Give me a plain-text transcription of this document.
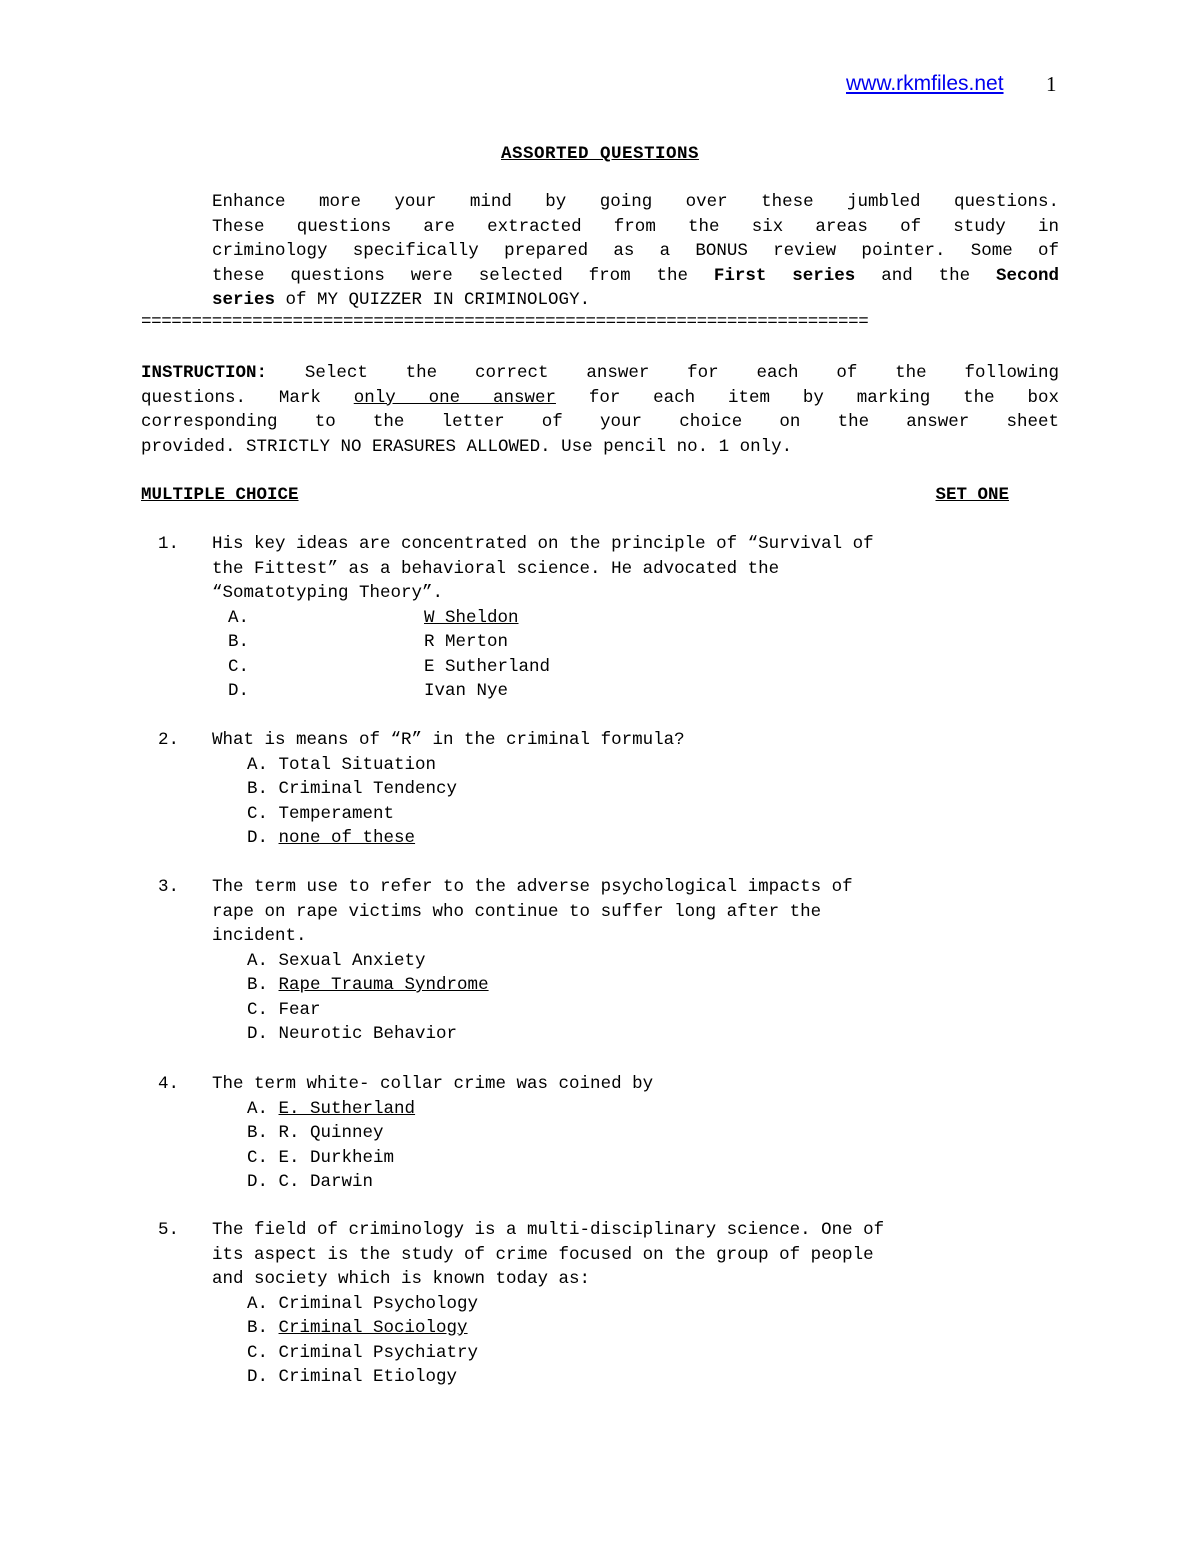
www.rkmfiles.net 1
ASSORTED QUESTIONS
Enhance more your mind by going over these jumbled questions.
These questions are extracted from the six areas of study in
criminology specifically prepared as a BONUS review pointer. Some of
these questions were selected from the First series and the Second
series of MY QUIZZER IN CRIMINOLOGY.
========================================================================
INSTRUCTION: Select the correct answer for each of the following
questions. Mark only one answer for each item by marking the box
corresponding to the letter of your choice on the answer sheet
provided. STRICTLY NO ERASURES ALLOWED. Use pencil no. 1 only.
MULTIPLE CHOICE	SET ONE
1. His key ideas are concentrated on the principle of “Survival of
the Fittest” as a behavioral science. He advocated the
“Somatotyping Theory”.
A.	W Sheldon
B.	R Merton
C.	E Sutherland
D.	Ivan Nye
2. What is means of “R” in the criminal formula?
A. Total Situation
B. Criminal Tendency
C. Temperament
D. none of these
3. The term use to refer to the adverse psychological impacts of
rape on rape victims who continue to suffer long after the
incident.
A. Sexual Anxiety
B. Rape Trauma Syndrome
C. Fear
D. Neurotic Behavior
4. The term white- collar crime was coined by
A. E. Sutherland
B. R. Quinney
C. E. Durkheim
D. C. Darwin
5. The field of criminology is a multi-disciplinary science. One of
its aspect is the study of crime focused on the group of people
and society which is known today as:
A. Criminal Psychology
B. Criminal Sociology
C. Criminal Psychiatry
D. Criminal Etiology
